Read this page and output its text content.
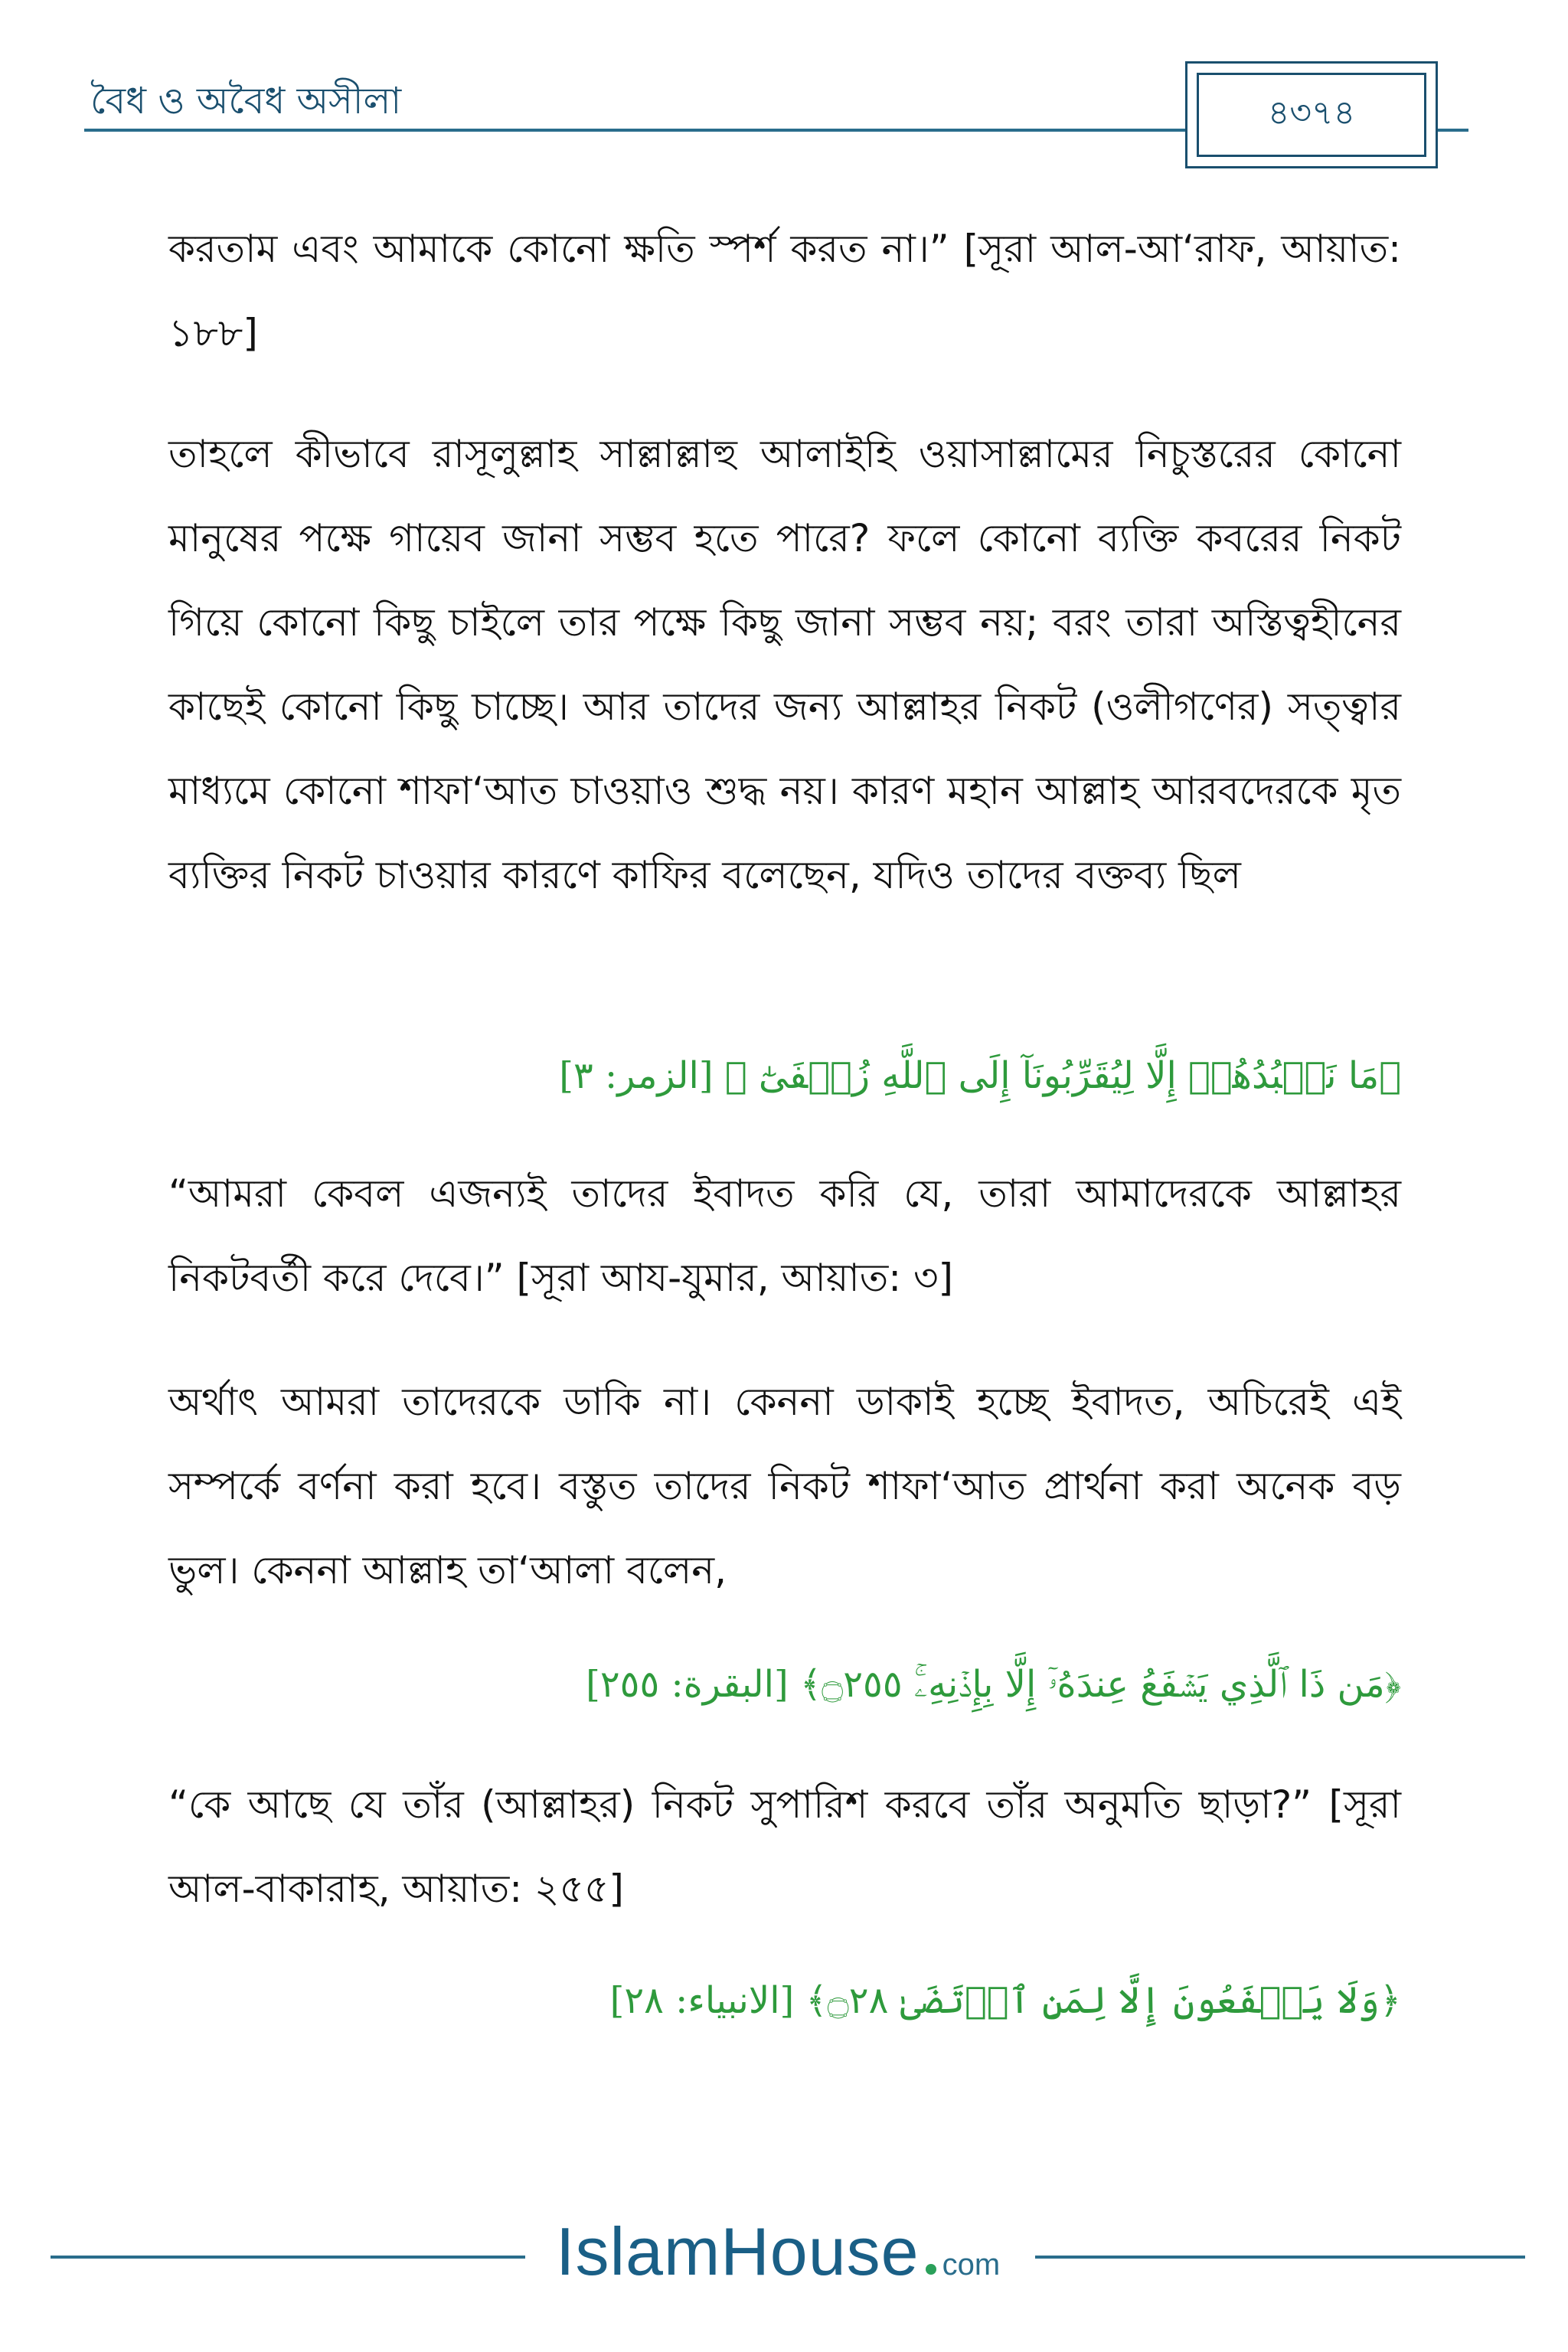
বৈধ ও অবৈধ অসীলা	৪৩৭৪
করতাম এবং আমাকে কোনো ক্ষতি স্পর্শ করত না।” [সূরা আল-আ‘রাফ, আয়াত: ১৮৮]
তাহলে কীভাবে রাসূলুল্লাহ সাল্লাল্লাহু আলাইহি ওয়াসাল্লামের নিচুস্তরের কোনো মানুষের পক্ষে গায়েব জানা সম্ভব হতে পারে? ফলে কোনো ব্যক্তি কবরের নিকট গিয়ে কোনো কিছু চাইলে তার পক্ষে কিছু জানা সম্ভব নয়; বরং তারা অস্তিত্বহীনের কাছেই কোনো কিছু চাচ্ছে। আর তাদের জন্য আল্লাহর নিকট (ওলীগণের) সত্ত্বার মাধ্যমে কোনো শাফা‘আত চাওয়াও শুদ্ধ নয়। কারণ মহান আল্লাহ আরবদেরকে মৃত ব্যক্তির নিকট চাওয়ার কারণে কাফির বলেছেন, যদিও তাদের বক্তব্য ছিল
﴿مَا نَعۡبُدُهُمۡ إِلَّا لِيُقَرِّبُونَآ إِلَى ٱللَّهِ زُلۡفَىٰٓ ﴾ [الزمر: ٣]
“আমরা কেবল এজন্যই তাদের ইবাদত করি যে, তারা আমাদেরকে আল্লাহর নিকটবর্তী করে দেবে।” [সূরা আয-যুমার, আয়াত: ৩]
অর্থাৎ আমরা তাদেরকে ডাকি না। কেননা ডাকাই হচ্ছে ইবাদত, অচিরেই এই সম্পর্কে বর্ণনা করা হবে। বস্তুত তাদের নিকট শাফা‘আত প্রার্থনা করা অনেক বড় ভুল। কেননা আল্লাহ তা‘আলা বলেন,
﴿مَن ذَا ٱلَّذِي يَشۡفَعُ عِندَهُۥٓ إِلَّا بِإِذۡنِهِۦۚ ۝٢٥٥﴾ [البقرة: ٢٥٥]
“কে আছে যে তাঁর (আল্লাহর) নিকট সুপারিশ করবে তাঁর অনুমতি ছাড়া?” [সূরা আল-বাকারাহ, আয়াত: ২৫৫]
﴿وَلَا يَشۡفَعُونَ إِلَّا لِمَنِ ٱرۡتَضَىٰ ۝٢٨﴾ [الانبياء: ٢٨]
IslamHouse com
